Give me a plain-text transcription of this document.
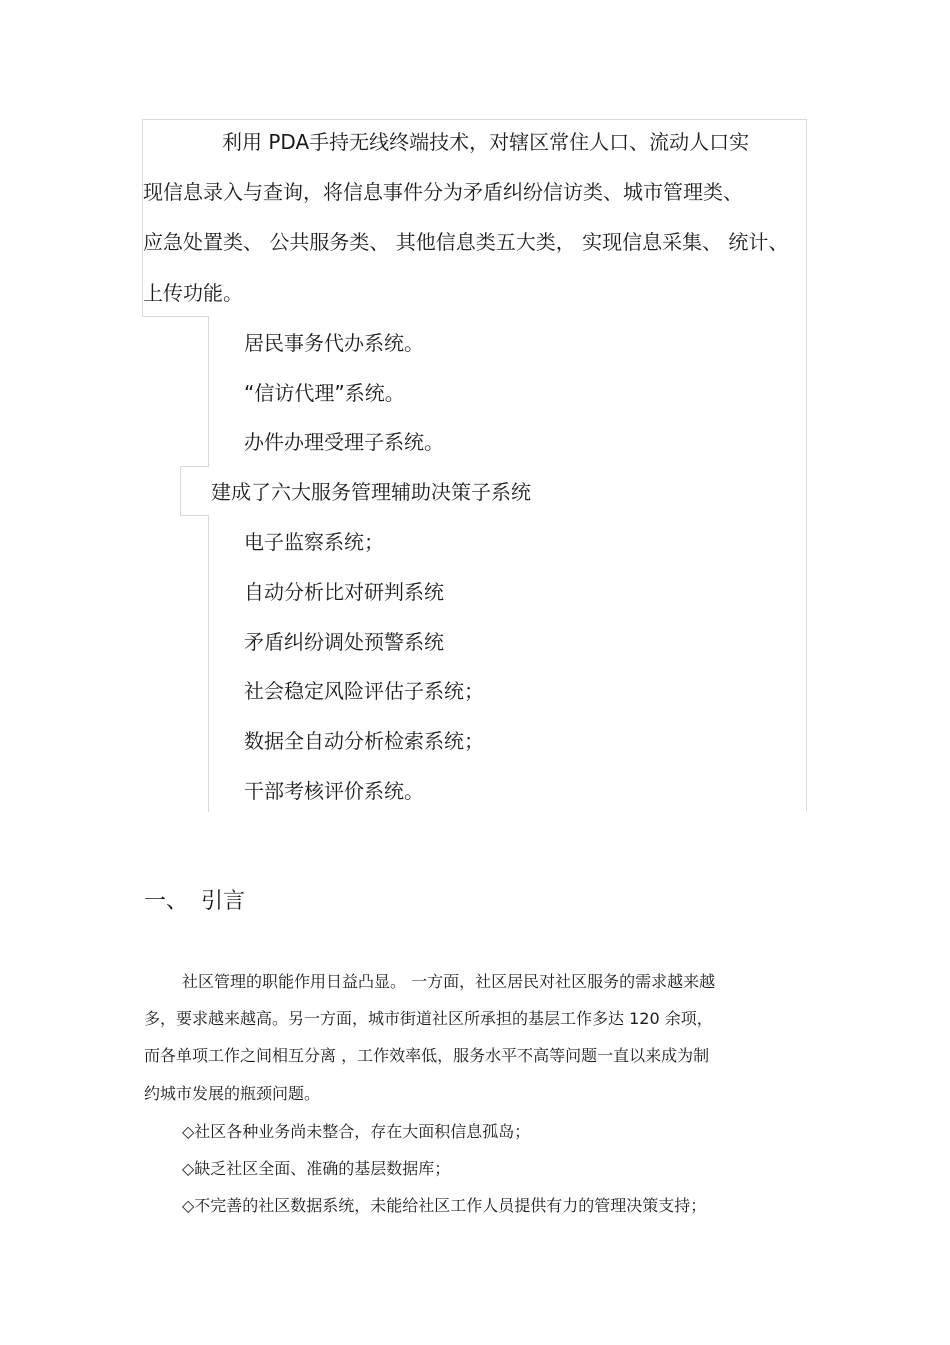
利用 PDA手持无线终端技术，对辖区常住人口、流动人口实
现信息录入与查询，将信息事件分为矛盾纠纷信访类、城市管理类、
应急处置类、 公共服务类、 其他信息类五大类， 实现信息采集、 统计、
上传功能。
居民事务代办系统。
“信访代理”系统。
办件办理受理子系统。
建成了六大服务管理辅助决策子系统
电子监察系统；
自动分析比对研判系统
矛盾纠纷调处预警系统
社会稳定风险评估子系统；
数据全自动分析检索系统；
干部考核评价系统。
一、 引言
社区管理的职能作用日益凸显。 一方面，社区居民对社区服务的需求越来越
多，要求越来越高。另一方面，城市街道社区所承担的基层工作多达 120 余项，
而各单项工作之间相互分离 ，工作效率低，服务水平不高等问题一直以来成为制
约城市发展的瓶颈问题。
◇社区各种业务尚未整合，存在大面积信息孤岛；
◇缺乏社区全面、准确的基层数据库；
◇不完善的社区数据系统，未能给社区工作人员提供有力的管理决策支持；
